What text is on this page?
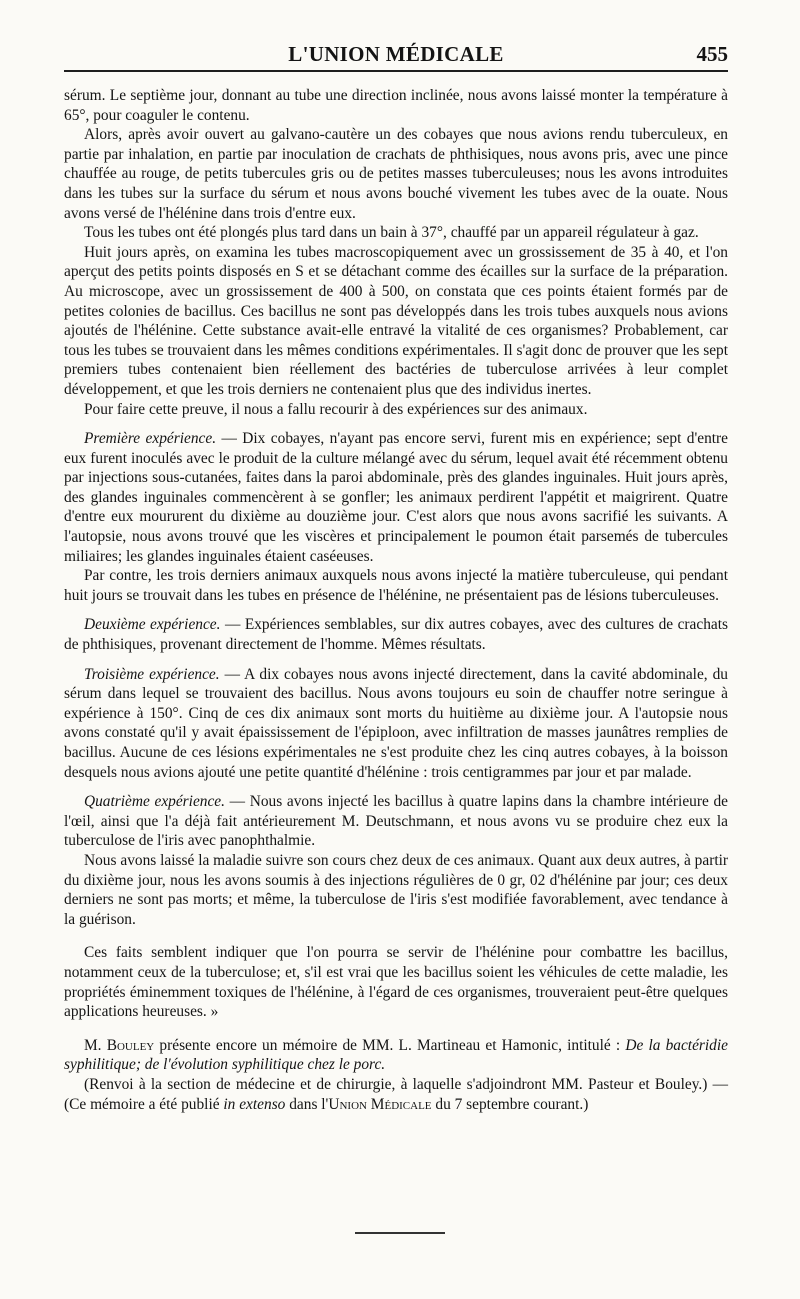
L'UNION MÉDICALE	455

sérum. Le septième jour, donnant au tube une direction inclinée, nous avons laissé monter la température à 65°, pour coaguler le contenu.

Alors, après avoir ouvert au galvano-cautère un des cobayes que nous avions rendu tuberculeux, en partie par inhalation, en partie par inoculation de crachats de phthisiques, nous avons pris, avec une pince chauffée au rouge, de petits tubercules gris ou de petites masses tuberculeuses; nous les avons introduites dans les tubes sur la surface du sérum et nous avons bouché vivement les tubes avec de la ouate. Nous avons versé de l'hélénine dans trois d'entre eux.

Tous les tubes ont été plongés plus tard dans un bain à 37°, chauffé par un appareil régulateur à gaz.

Huit jours après, on examina les tubes macroscopiquement avec un grossissement de 35 à 40, et l'on aperçut des petits points disposés en S et se détachant comme des écailles sur la surface de la préparation. Au microscope, avec un grossissement de 400 à 500, on constata que ces points étaient formés par de petites colonies de bacillus. Ces bacillus ne sont pas développés dans les trois tubes auxquels nous avions ajoutés de l'hélénine. Cette substance avait-elle entravé la vitalité de ces organismes? Probablement, car tous les tubes se trouvaient dans les mêmes conditions expérimentales. Il s'agit donc de prouver que les sept premiers tubes contenaient bien réellement des bactéries de tuberculose arrivées à leur complet développement, et que les trois derniers ne contenaient plus que des individus inertes.

Pour faire cette preuve, il nous a fallu recourir à des expériences sur des animaux.

Première expérience. — Dix cobayes, n'ayant pas encore servi, furent mis en expérience; sept d'entre eux furent inoculés avec le produit de la culture mélangé avec du sérum, lequel avait été récemment obtenu par injections sous-cutanées, faites dans la paroi abdominale, près des glandes inguinales. Huit jours après, des glandes inguinales commencèrent à se gonfler; les animaux perdirent l'appétit et maigrirent. Quatre d'entre eux moururent du dixième au douzième jour. C'est alors que nous avons sacrifié les suivants. A l'autopsie, nous avons trouvé que les viscères et principalement le poumon était parsemés de tubercules miliaires; les glandes inguinales étaient caséeuses.

Par contre, les trois derniers animaux auxquels nous avons injecté la matière tuberculeuse, qui pendant huit jours se trouvait dans les tubes en présence de l'hélénine, ne présentaient pas de lésions tuberculeuses.

Deuxième expérience. — Expériences semblables, sur dix autres cobayes, avec des cultures de crachats de phthisiques, provenant directement de l'homme. Mêmes résultats.

Troisième expérience. — A dix cobayes nous avons injecté directement, dans la cavité abdominale, du sérum dans lequel se trouvaient des bacillus. Nous avons toujours eu soin de chauffer notre seringue à expérience à 150°. Cinq de ces dix animaux sont morts du huitième au dixième jour. A l'autopsie nous avons constaté qu'il y avait épaississement de l'épiploon, avec infiltration de masses jaunâtres remplies de bacillus. Aucune de ces lésions expérimentales ne s'est produite chez les cinq autres cobayes, à la boisson desquels nous avions ajouté une petite quantité d'hélénine : trois centigrammes par jour et par malade.

Quatrième expérience. — Nous avons injecté les bacillus à quatre lapins dans la chambre intérieure de l'œil, ainsi que l'a déjà fait antérieurement M. Deutschmann, et nous avons vu se produire chez eux la tuberculose de l'iris avec panophthalmie.

Nous avons laissé la maladie suivre son cours chez deux de ces animaux. Quant aux deux autres, à partir du dixième jour, nous les avons soumis à des injections régulières de 0 gr, 02 d'hélénine par jour; ces deux derniers ne sont pas morts; et même, la tuberculose de l'iris s'est modifiée favorablement, avec tendance à la guérison.

Ces faits semblent indiquer que l'on pourra se servir de l'hélénine pour combattre les bacillus, notamment ceux de la tuberculose; et, s'il est vrai que les bacillus soient les véhicules de cette maladie, les propriétés éminemment toxiques de l'hélénine, à l'égard de ces organismes, trouveraient peut-être quelques applications heureuses. »

M. Bouley présente encore un mémoire de MM. L. Martineau et Hamonic, intitulé : De la bactéridie syphilitique; de l'évolution syphilitique chez le porc.

(Renvoi à la section de médecine et de chirurgie, à laquelle s'adjoindront MM. Pasteur et Bouley.) — (Ce mémoire a été publié in extenso dans l'Union Médicale du 7 septembre courant.)
